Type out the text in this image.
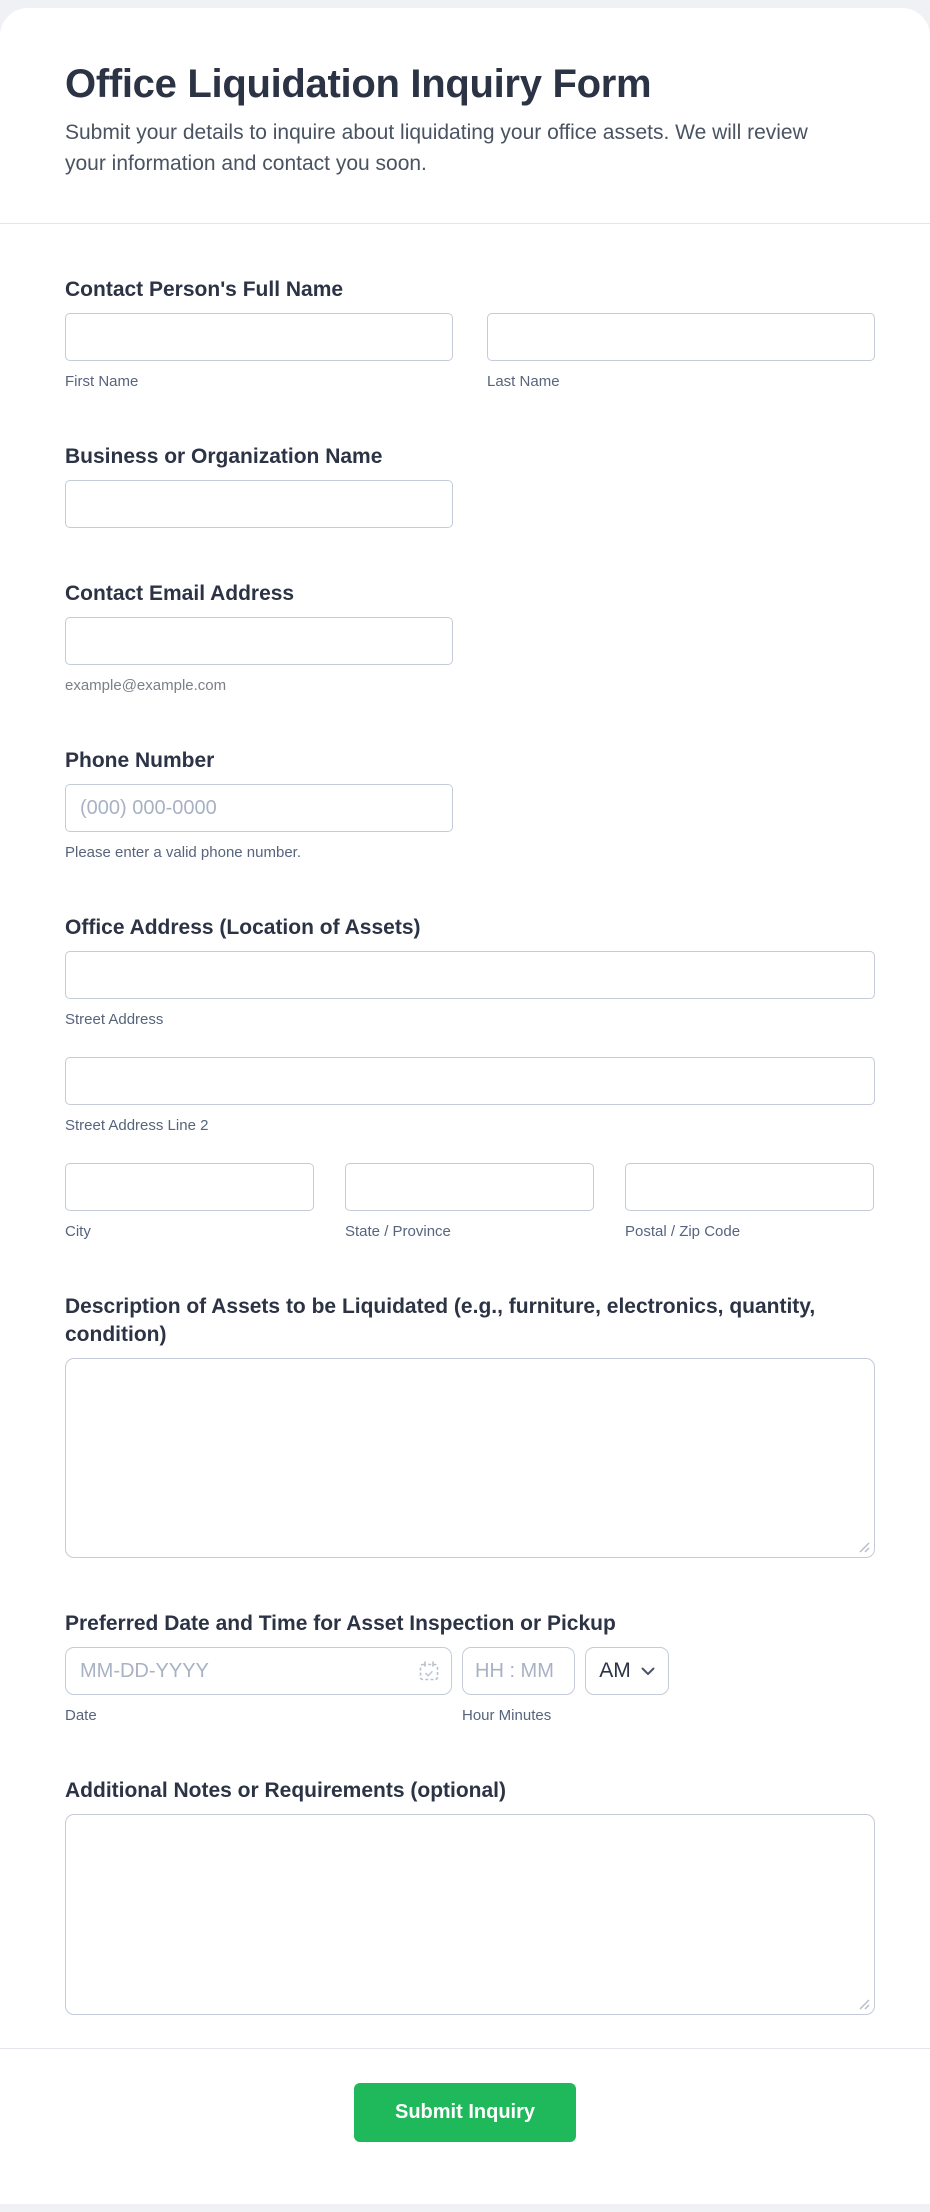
Office Liquidation Inquiry Form

Submit your details to inquire about liquidating your office assets. We will review your information and contact you soon.

Contact Person's Full Name
First Name	Last Name
Business or Organization Name
Contact Email Address
example@example.com
Phone Number
(000) 000-0000
Please enter a valid phone number.
Office Address (Location of Assets)
Street Address
Street Address Line 2
City	State / Province	Postal / Zip Code
Description of Assets to be Liquidated (e.g., furniture, electronics, quantity, condition)
Preferred Date and Time for Asset Inspection or Pickup
MM-DD-YYYY
Date
HH : MM	Hour Minutes
AM
Additional Notes or Requirements (optional)
Submit Inquiry
